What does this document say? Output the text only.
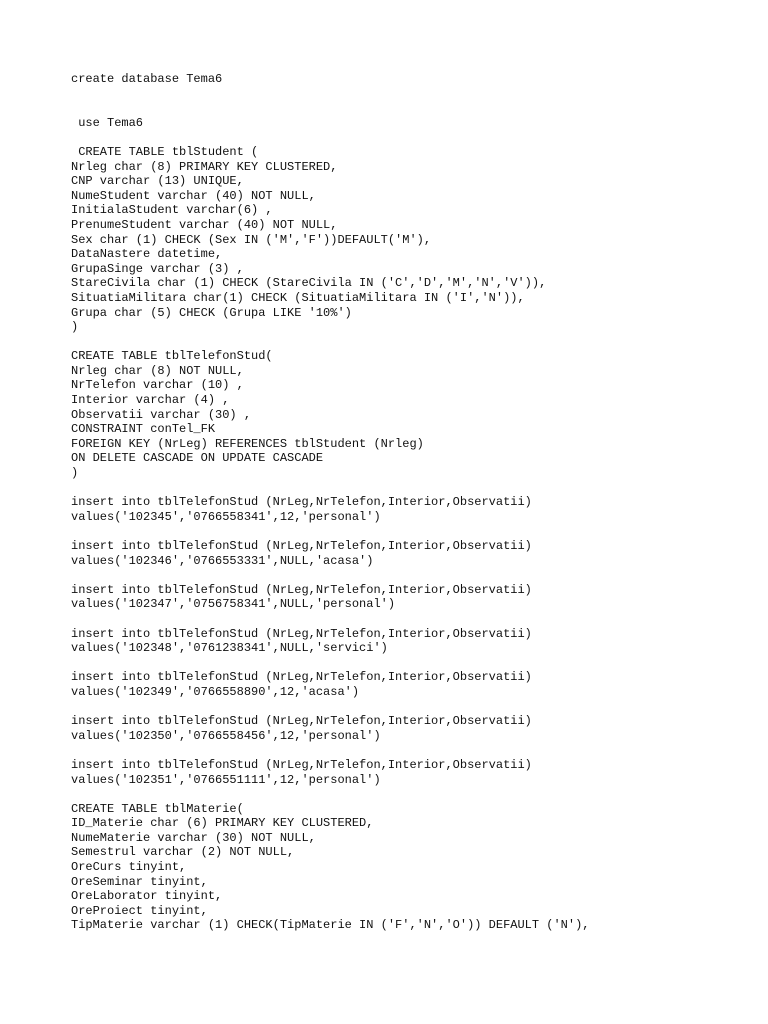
create database Tema6
use Tema6
CREATE TABLE tblStudent (
Nrleg char (8) PRIMARY KEY CLUSTERED,
CNP varchar (13) UNIQUE,
NumeStudent varchar (40) NOT NULL,
InitialaStudent varchar(6) ,
PrenumeStudent varchar (40) NOT NULL,
Sex char (1) CHECK (Sex IN ('M','F'))DEFAULT('M'),
DataNastere datetime,
GrupaSinge varchar (3) ,
StareCivila char (1) CHECK (StareCivila IN ('C','D','M','N','V')),
SituatiaMilitara char(1) CHECK (SituatiaMilitara IN ('I','N')),
Grupa char (5) CHECK (Grupa LIKE '10%')
)
CREATE TABLE tblTelefonStud(
Nrleg char (8) NOT NULL,
NrTelefon varchar (10) ,
Interior varchar (4) ,
Observatii varchar (30) ,
CONSTRAINT conTel_FK
FOREIGN KEY (NrLeg) REFERENCES tblStudent (Nrleg)
ON DELETE CASCADE ON UPDATE CASCADE
)
insert into tblTelefonStud (NrLeg,NrTelefon,Interior,Observatii)
values('102345','0766558341',12,'personal')
insert into tblTelefonStud (NrLeg,NrTelefon,Interior,Observatii)
values('102346','0766553331',NULL,'acasa')
insert into tblTelefonStud (NrLeg,NrTelefon,Interior,Observatii)
values('102347','0756758341',NULL,'personal')
insert into tblTelefonStud (NrLeg,NrTelefon,Interior,Observatii)
values('102348','0761238341',NULL,'servici')
insert into tblTelefonStud (NrLeg,NrTelefon,Interior,Observatii)
values('102349','0766558890',12,'acasa')
insert into tblTelefonStud (NrLeg,NrTelefon,Interior,Observatii)
values('102350','0766558456',12,'personal')
insert into tblTelefonStud (NrLeg,NrTelefon,Interior,Observatii)
values('102351','0766551111',12,'personal')
CREATE TABLE tblMaterie(
ID_Materie char (6) PRIMARY KEY CLUSTERED,
NumeMaterie varchar (30) NOT NULL,
Semestrul varchar (2) NOT NULL,
OreCurs tinyint,
OreSeminar tinyint,
OreLaborator tinyint,
OreProiect tinyint,
TipMaterie varchar (1) CHECK(TipMaterie IN ('F','N','O')) DEFAULT ('N'),
